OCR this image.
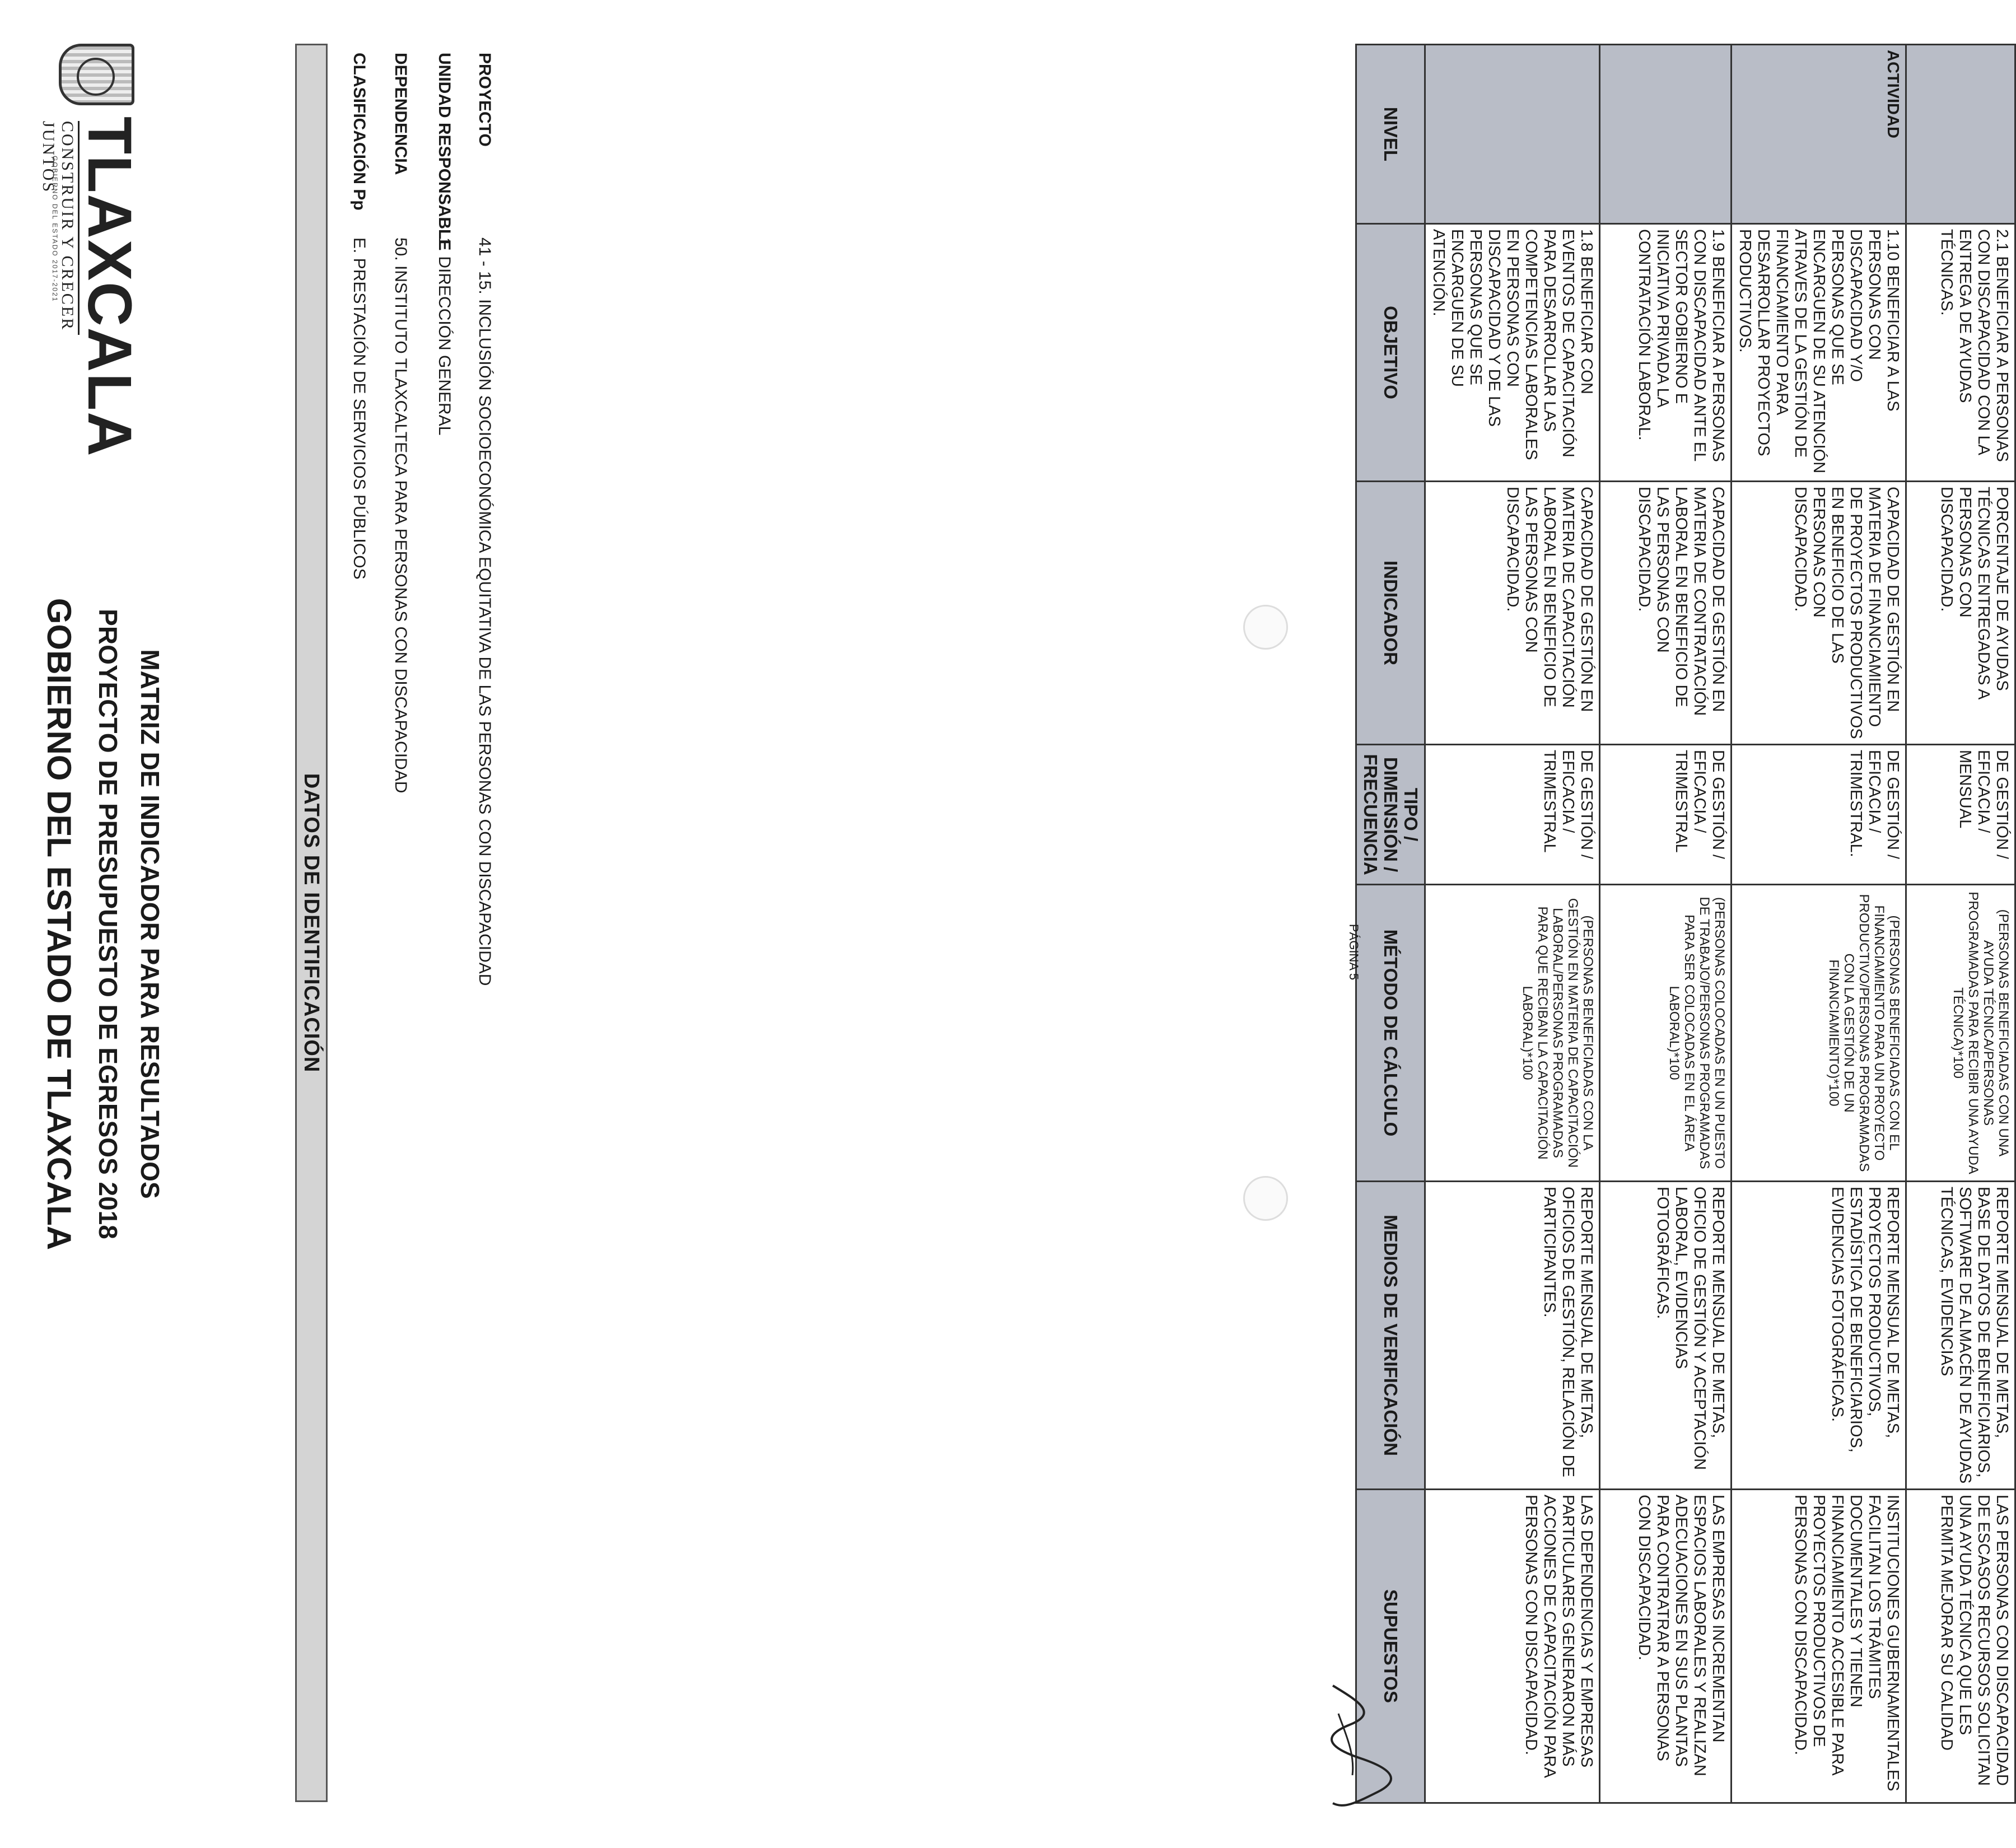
TLAXCALA
CONSTRUIR Y CRECER JUNTOS
GOBIERNO DEL ESTADO 2017-2021
GOBIERNO DEL ESTADO DE TLAXCALA PROYECTO DE PRESUPUESTO DE EGRESOS 2018 MATRIZ DE INDICADOR PARA RESULTADOS	DATOS DE IDENTIFICACIÓN
CLASIFICACIÓN Pp
E. PRESTACIÓN DE SERVICIOS PÚBLICOS
DEPENDENCIA
50. INSTITUTO TLAXCALTECA PARA PERSONAS CON DISCAPACIDAD
UNIDAD RESPONSABLE
1. DIRECCIÓN GENERAL
PROYECTO
41 - 15. INCLUSIÓN SOCIOECONÓMICA EQUITATIVA DE LAS PERSONAS CON DISCAPACIDAD
NIVEL	OBJETIVO	INDICADOR	TIPO / DIMENSIÓN / FRECUENCIA	MÉTODO DE CÁLCULO	MEDIOS DE VERIFICACIÓN	SUPUESTOS
	1.8 BENEFICIAR CON EVENTOS DE CAPACITACIÓN PARA DESARROLLAR LAS COMPETENCIAS LABORALES EN PERSONAS CON DISCAPACIDAD Y DE LAS PERSONAS QUE SE ENCARGUEN DE SU ATENCIÓN.	CAPACIDAD DE GESTIÓN EN MATERIA DE CAPACITACIÓN LABORAL EN BENEFICIO DE LAS PERSONAS CON DISCAPACIDAD.	DE GESTIÓN / EFICACIA / TRIMESTRAL	(PERSONAS BENEFICIADAS CON LA GESTIÓN EN MATERIA DE CAPACITACIÓN LABORAL/PERSONAS PROGRAMADAS PARA QUE RECIBAN LA CAPACITACIÓN LABORAL)*100	REPORTE MENSUAL DE METAS, OFICIOS DE GESTIÓN, RELACIÓN DE PARTICIPANTES.	LAS DEPENDENCIAS Y EMPRESAS PARTICULARES GENERARON MÁS ACCIONES DE CAPACITACIÓN PARA PERSONAS CON DISCAPACIDAD.
	1.9 BENEFICIAR A PERSONAS CON DISCAPACIDAD ANTE EL SECTOR GOBIERNO E INICIATIVA PRIVADA LA CONTRATACIÓN LABORAL.	CAPACIDAD DE GESTIÓN EN MATERIA DE CONTRATACIÓN LABORAL EN BENEFICIO DE LAS PERSONAS CON DISCAPACIDAD.	DE GESTIÓN / EFICACIA / TRIMESTRAL	(PERSONAS COLOCADAS EN UN PUESTO DE TRABAJO/PERSONAS PROGRAMADAS PARA SER COLOCADAS EN EL ÁREA LABORAL)*100	REPORTE MENSUAL DE METAS, OFICIO DE GESTIÓN Y ACEPTACIÓN LABORAL, EVIDENCIAS FOTOGRÁFICAS.	LAS EMPRESAS INCREMENTAN ESPACIOS LABORALES Y REALIZAN ADECUACIONES EN SUS PLANTAS PARA CONTRATRAR A PERSONAS CON DISCAPACIDAD.
ACTIVIDAD	1.10 BENEFICIAR A LAS PERSONAS CON DISCAPACIDAD Y/O PERSONAS QUE SE ENCARGUEN DE SU ATENCIÓN ATRAVES DE LA GESTIÓN DE FINANCIAMIENTO PARA DESARROLLAR PROYECTOS PRODUCTIVOS.	CAPACIDAD DE GESTIÓN EN MATERIA DE FINANCIAMIENTO DE PROYECTOS PRODUCTIVOS EN BENEFICIO DE LAS PERSONAS CON DISCAPACIDAD.	DE GESTIÓN / EFICACIA / TRIMESTRAL.	(PERSONAS BENEFICIADAS CON EL FINANCIAMIENTO PARA UN PROYECTO PRODUCTIVO/PERSONAS PROGRAMADAS CON LA GESTIÓN DE UN FINANCIAMIENTO)*100	REPORTE MENSUAL DE METAS, PROYECTOS PRODUCTIVOS, ESTADÍSTICA DE BENEFICIARIOS, EVIDENCIAS FOTOGRÁFICAS.	INSTITUCIONES GUBERNAMENTALES FACILITAN LOS TRÁMITES DOCUMENTALES Y TIENEN FINANCIAMIENTO ACCESIBLE PARA PROYECTOS PRODUCTIVOS DE PERSONAS CON DISCAPACIDAD.
	2.1 BENEFICIAR A PERSONAS CON DISCAPACIDAD CON LA ENTREGA DE AYUDAS TÉCNICAS.	PORCENTAJE DE AYUDAS TÉCNICAS ENTREGADAS A PERSONAS CON DISCAPACIDAD.	DE GESTIÓN / EFICACIA / MENSUAL	(PERSONAS BENEFICIADAS CON UNA AYUDA TÉCNICA/PERSONAS PROGRAMADAS PARA RECIBIR UNA AYUDA TÉCNICA)*100	REPORTE MENSUAL DE METAS, BASE DE DATOS DE BENEFICIARIOS, SOFTWARE DE ALMACÉN DE AYUDAS TÉCNICAS, EVIDENCIAS	LAS PERSONAS CON DISCAPACIDAD DE ESCASOS RECURSOS SOLICITAN UNA AYUDA TÉCNICA QUE LES PERMITA MEJORAR SU CALIDAD
PÁGINA 5
